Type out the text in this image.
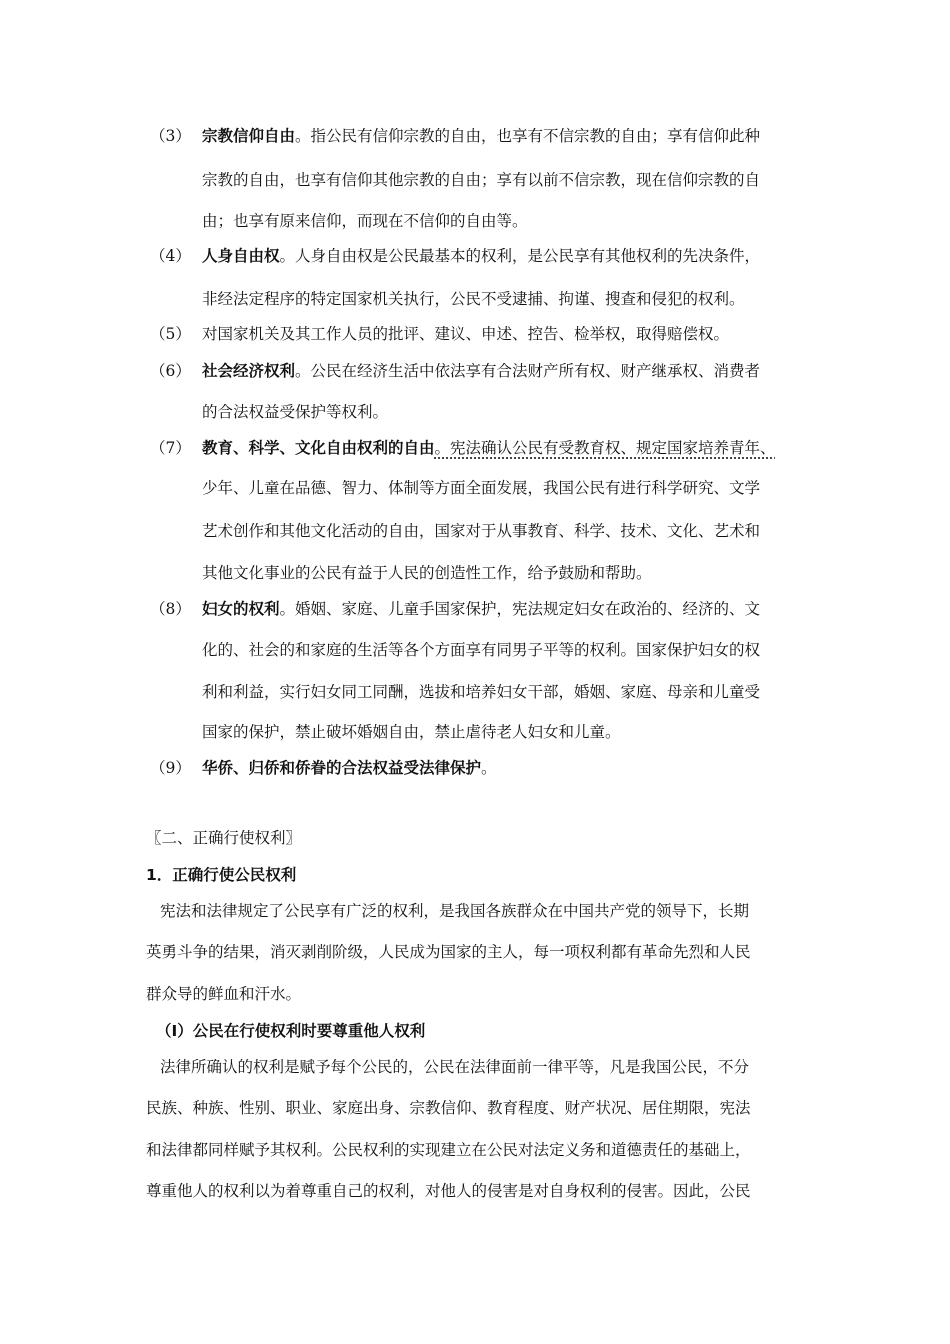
（3） 宗教信仰自由。指公民有信仰宗教的自由，也享有不信宗教的自由；享有信仰此种
宗教的自由，也享有信仰其他宗教的自由；享有以前不信宗教，现在信仰宗教的自
由；也享有原来信仰，而现在不信仰的自由等。
（4） 人身自由权。人身自由权是公民最基本的权利，是公民享有其他权利的先决条件，
非经法定程序的特定国家机关执行，公民不受逮捕、拘谨、搜查和侵犯的权利。
（5） 对国家机关及其工作人员的批评、建议、申述、控告、检举权，取得赔偿权。
（6） 社会经济权利。公民在经济生活中依法享有合法财产所有权、财产继承权、消费者
的合法权益受保护等权利。
（7） 教育、科学、文化自由权利的自由。宪法确认公民有受教育权、规定国家培养青年、
少年、儿童在品德、智力、体制等方面全面发展，我国公民有进行科学研究、文学
艺术创作和其他文化活动的自由，国家对于从事教育、科学、技术、文化、艺术和
其他文化事业的公民有益于人民的创造性工作，给予鼓励和帮助。
（8） 妇女的权利。婚姻、家庭、儿童手国家保护，宪法规定妇女在政治的、经济的、文
化的、社会的和家庭的生活等各个方面享有同男子平等的权利。国家保护妇女的权
利和利益，实行妇女同工同酬，选拔和培养妇女干部，婚姻、家庭、母亲和儿童受
国家的保护，禁止破坏婚姻自由，禁止虐待老人妇女和儿童。
（9） 华侨、归侨和侨眷的合法权益受法律保护。
〖二、正确行使权利〗
1．正确行使公民权利
宪法和法律规定了公民享有广泛的权利，是我国各族群众在中国共产党的领导下，长期
英勇斗争的结果，消灭剥削阶级，人民成为国家的主人，每一项权利都有革命先烈和人民
群众导的鲜血和汗水。
（I）公民在行使权利时要尊重他人权利
法律所确认的权利是赋予每个公民的，公民在法律面前一律平等，凡是我国公民，不分
民族、种族、性别、职业、家庭出身、宗教信仰、教育程度、财产状况、居住期限，宪法
和法律都同样赋予其权利。公民权利的实现建立在公民对法定义务和道德责任的基础上，
尊重他人的权利以为着尊重自己的权利，对他人的侵害是对自身权利的侵害。因此，公民
